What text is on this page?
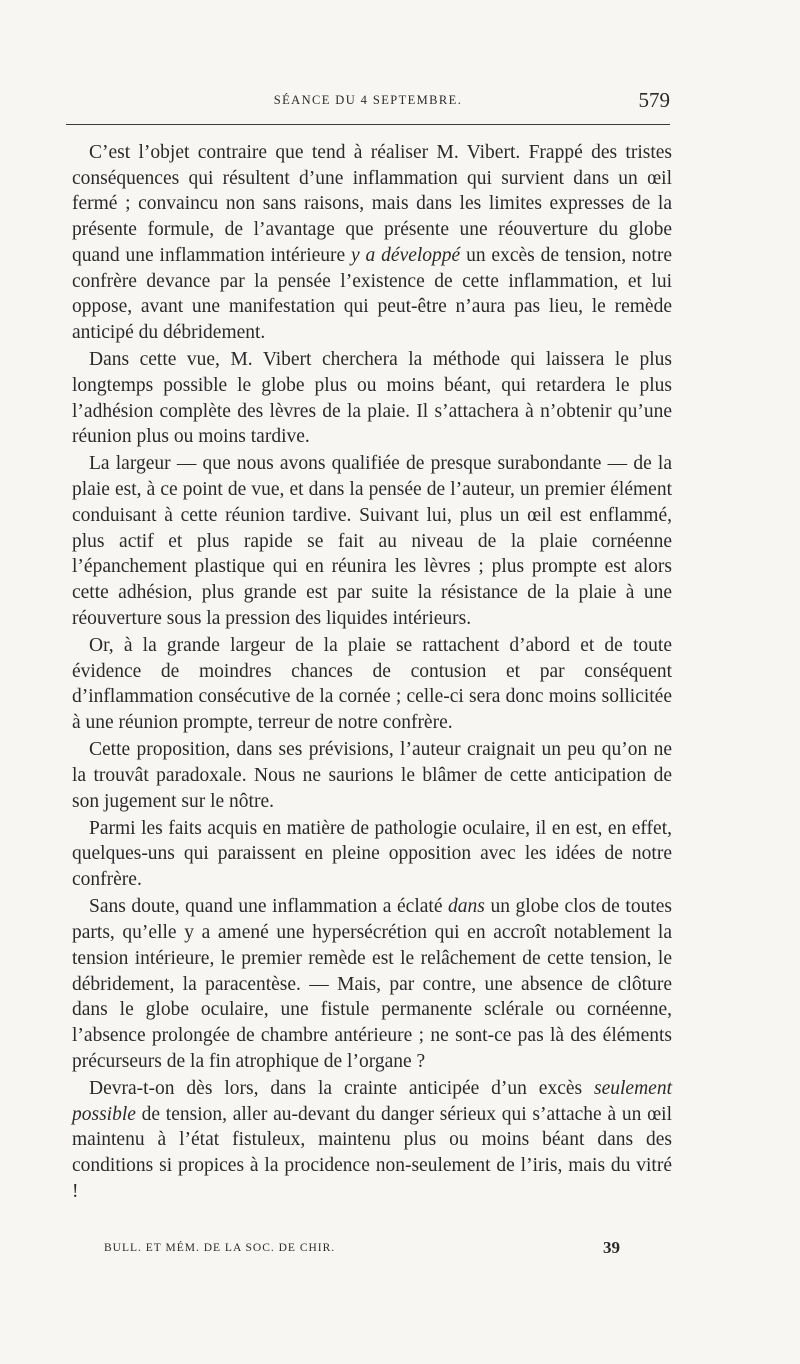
SÉANCE DU 4 SEPTEMBRE.	579

C’est l’objet contraire que tend à réaliser M. Vibert. Frappé des tristes conséquences qui résultent d’une inflammation qui survient dans un œil fermé ; convaincu non sans raisons, mais dans les limites expresses de la présente formule, de l’avantage que présente une réouverture du globe quand une inflammation intérieure y a développé un excès de tension, notre confrère devance par la pensée l’existence de cette inflammation, et lui oppose, avant une manifestation qui peut-être n’aura pas lieu, le remède anticipé du débridement.

Dans cette vue, M. Vibert cherchera la méthode qui laissera le plus longtemps possible le globe plus ou moins béant, qui retardera le plus l’adhésion complète des lèvres de la plaie. Il s’attachera à n’obtenir qu’une réunion plus ou moins tardive.

La largeur — que nous avons qualifiée de presque surabondante — de la plaie est, à ce point de vue, et dans la pensée de l’auteur, un premier élément conduisant à cette réunion tardive. Suivant lui, plus un œil est enflammé, plus actif et plus rapide se fait au niveau de la plaie cornéenne l’épanchement plastique qui en réunira les lèvres ; plus prompte est alors cette adhésion, plus grande est par suite la résistance de la plaie à une réouverture sous la pression des liquides intérieurs.

Or, à la grande largeur de la plaie se rattachent d’abord et de toute évidence de moindres chances de contusion et par conséquent d’inflammation consécutive de la cornée ; celle-ci sera donc moins sollicitée à une réunion prompte, terreur de notre confrère.

Cette proposition, dans ses prévisions, l’auteur craignait un peu qu’on ne la trouvât paradoxale. Nous ne saurions le blâmer de cette anticipation de son jugement sur le nôtre.

Parmi les faits acquis en matière de pathologie oculaire, il en est, en effet, quelques-uns qui paraissent en pleine opposition avec les idées de notre confrère.

Sans doute, quand une inflammation a éclaté dans un globe clos de toutes parts, qu’elle y a amené une hypersécrétion qui en accroît notablement la tension intérieure, le premier remède est le relâchement de cette tension, le débridement, la paracentèse. — Mais, par contre, une absence de clôture dans le globe oculaire, une fistule permanente sclérale ou cornéenne, l’absence prolongée de chambre antérieure ; ne sont-ce pas là des éléments précurseurs de la fin atrophique de l’organe ?

Devra-t-on dès lors, dans la crainte anticipée d’un excès seulement possible de tension, aller au-devant du danger sérieux qui s’attache à un œil maintenu à l’état fistuleux, maintenu plus ou moins béant dans des conditions si propices à la procidence non-seulement de l’iris, mais du vitré !

BULL. ET MÉM. DE LA SOC. DE CHIR.	39
